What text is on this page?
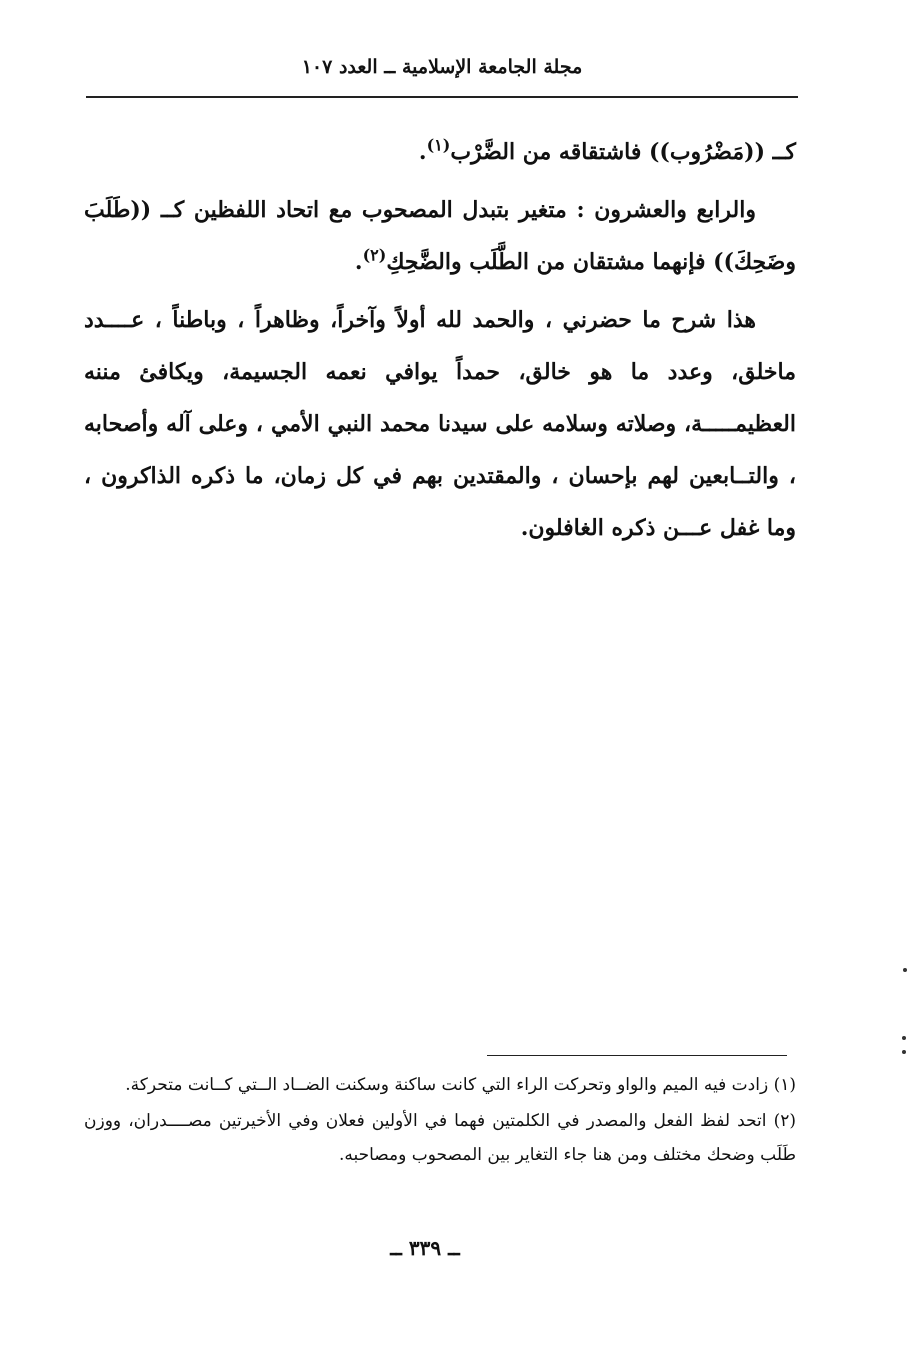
مجلة الجامعة الإسلامية ــ العدد ١٠٧

كــ ((مَضْرُوب)) فاشتقاقه من الضَّرْب$^{(١)}$.

والرابع والعشرون : متغير بتبدل المصحوب مع اتحاد اللفظين كــ ((طَلَبَ وضَحِكَ)) فإنهما مشتقان من الطَّلَب والضَّحِكِ$^{(٢)}$.

هذا شرح ما حضرني ، والحمد لله أولاً وآخراً، وظاهراً ، وباطناً ، عــــدد ماخلق، وعدد ما هو خالق، حمداً يوافي نعمه الجسيمة، ويكافئ مننه العظيمـــــة، وصلاته وسلامه على سيدنا محمد النبي الأمي ، وعلى آله وأصحابه ، والتــابعين لهم بإحسان ، والمقتدين بهم في كل زمان، ما ذكره الذاكرون ، وما غفل عـــن ذكره الغافلون.

(١) زادت فيه الميم والواو وتحركت الراء التي كانت ساكنة وسكنت الضــاد الــتي كــانت متحركة.

(٢) اتحد لفظ الفعل والمصدر في الكلمتين فهما في الأولين فعلان وفي الأخيرتين مصــــدران، ووزن طَلَب وضحك مختلف ومن هنا جاء التغاير بين المصحوب ومصاحبه.

ــ ٣٣٩ ــ
